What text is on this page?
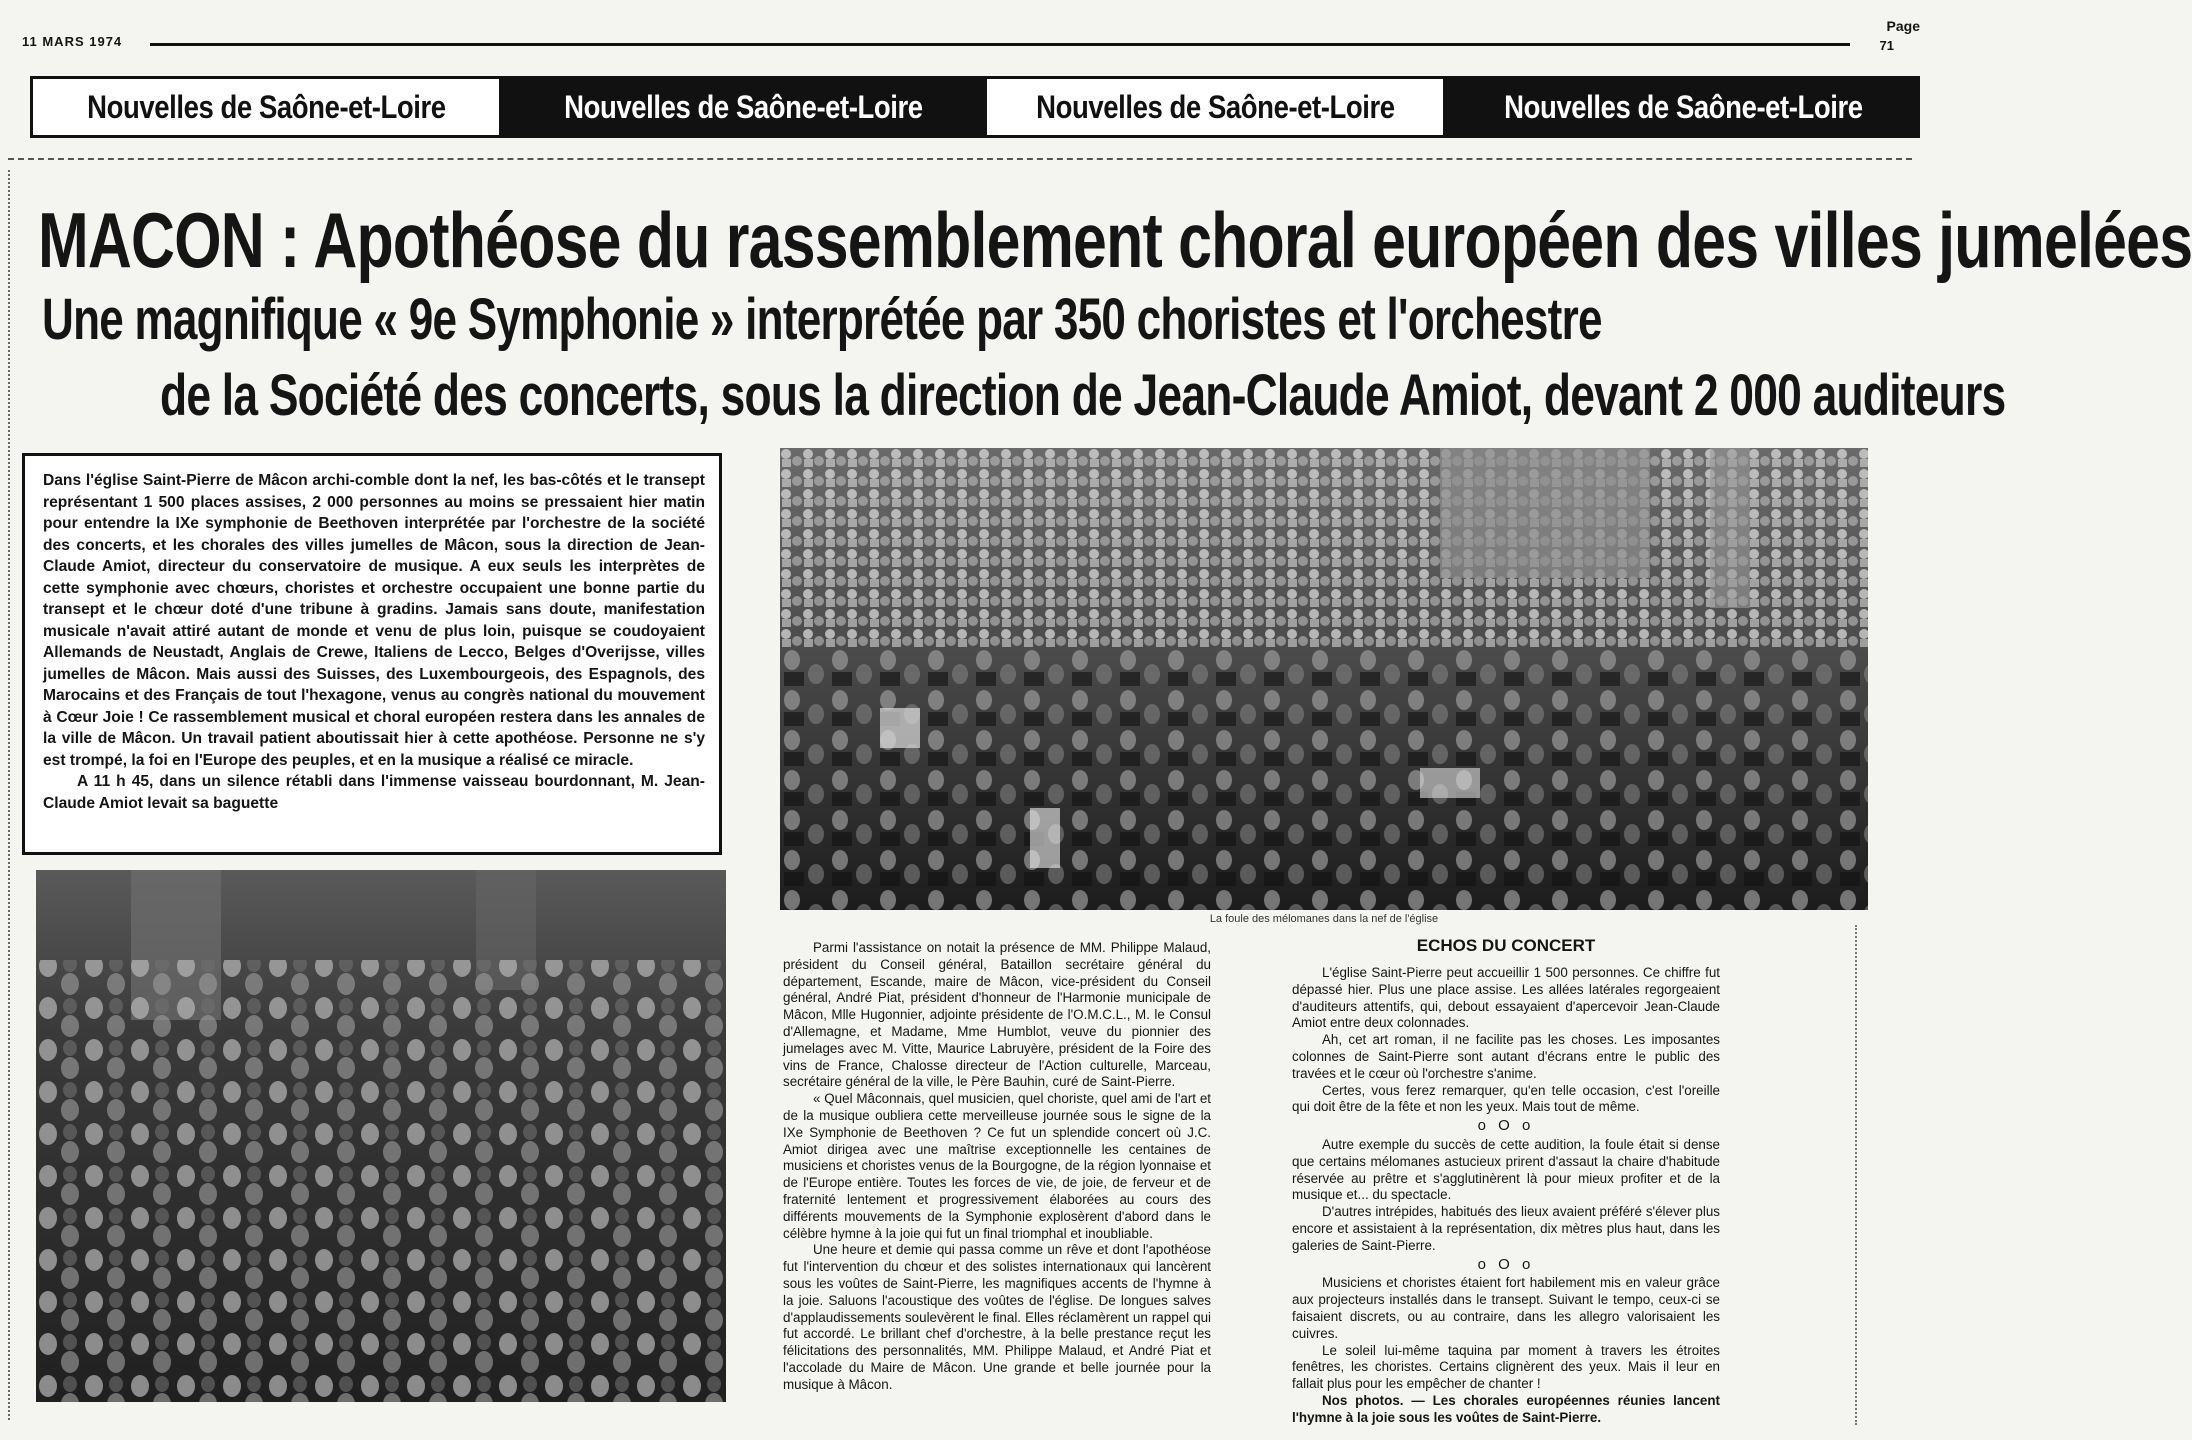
11 MARS 1974
Page
71
Nouvelles de Saône-et-Loire	Nouvelles de Saône-et-Loire	Nouvelles de Saône-et-Loire	Nouvelles de Saône-et-Loire
MACON : Apothéose du rassemblement choral européen des villes jumelées
Une magnifique « 9e Symphonie » interprétée par 350 choristes et l'orchestre
de la Société des concerts, sous la direction de Jean-Claude Amiot, devant 2 000 auditeurs

Dans l'église Saint-Pierre de Mâcon archi-comble dont la nef, les bas-côtés et le transept représentant 1 500 places assises, 2 000 personnes au moins se pressaient hier matin pour entendre la IXe symphonie de Beethoven interprétée par l'orchestre de la société des concerts, et les chorales des villes jumelles de Mâcon, sous la direction de Jean-Claude Amiot, directeur du conservatoire de musique. A eux seuls les interprètes de cette symphonie avec chœurs, choristes et orchestre occupaient une bonne partie du transept et le chœur doté d'une tribune à gradins. Jamais sans doute, manifestation musicale n'avait attiré autant de monde et venu de plus loin, puisque se coudoyaient Allemands de Neustadt, Anglais de Crewe, Italiens de Lecco, Belges d'Overijsse, villes jumelles de Mâcon. Mais aussi des Suisses, des Luxembourgeois, des Espagnols, des Marocains et des Français de tout l'hexagone, venus au congrès national du mouvement à Cœur Joie ! Ce rassemblement musical et choral européen restera dans les annales de la ville de Mâcon. Un travail patient aboutissait hier à cette apothéose. Personne ne s'y est trompé, la foi en l'Europe des peuples, et en la musique a réalisé ce miracle.

A 11 h 45, dans un silence rétabli dans l'immense vaisseau bourdonnant, M. Jean-Claude Amiot levait sa baguette

La foule des mélomanes dans la nef de l'église

Parmi l'assistance on notait la présence de MM. Philippe Malaud, président du Conseil général, Bataillon secrétaire général du département, Escande, maire de Mâcon, vice-président du Conseil général, André Piat, président d'honneur de l'Harmonie municipale de Mâcon, Mlle Hugonnier, adjointe présidente de l'O.M.C.L., M. le Consul d'Allemagne, et Madame, Mme Humblot, veuve du pionnier des jumelages avec M. Vitte, Maurice Labruyère, président de la Foire des vins de France, Chalosse directeur de l'Action culturelle, Marceau, secrétaire général de la ville, le Père Bauhin, curé de Saint-Pierre.

« Quel Mâconnais, quel musicien, quel choriste, quel ami de l'art et de la musique oubliera cette merveilleuse journée sous le signe de la IXe Symphonie de Beethoven ? Ce fut un splendide concert où J.C. Amiot dirigea avec une maîtrise exceptionnelle les centaines de musiciens et choristes venus de la Bourgogne, de la région lyonnaise et de l'Europe entière. Toutes les forces de vie, de joie, de ferveur et de fraternité lentement et progressivement élaborées au cours des différents mouvements de la Symphonie explosèrent d'abord dans le célèbre hymne à la joie qui fut un final triomphal et inoubliable.

Une heure et demie qui passa comme un rêve et dont l'apothéose fut l'intervention du chœur et des solistes internationaux qui lancèrent sous les voûtes de Saint-Pierre, les magnifiques accents de l'hymne à la joie. Saluons l'acoustique des voûtes de l'église. De longues salves d'applaudissements soulevèrent le final. Elles réclamèrent un rappel qui fut accordé. Le brillant chef d'orchestre, à la belle prestance reçut les félicitations des personnalités, MM. Philippe Malaud, et André Piat et l'accolade du Maire de Mâcon. Une grande et belle journée pour la musique à Mâcon.

ECHOS DU CONCERT

L'église Saint-Pierre peut accueillir 1 500 personnes. Ce chiffre fut dépassé hier. Plus une place assise. Les allées latérales regorgeaient d'auditeurs attentifs, qui, debout essayaient d'apercevoir Jean-Claude Amiot entre deux colonnades.

Ah, cet art roman, il ne facilite pas les choses. Les imposantes colonnes de Saint-Pierre sont autant d'écrans entre le public des travées et le cœur où l'orchestre s'anime.

Certes, vous ferez remarquer, qu'en telle occasion, c'est l'oreille qui doit être de la fête et non les yeux. Mais tout de même.

o O o

Autre exemple du succès de cette audition, la foule était si dense que certains mélomanes astucieux prirent d'assaut la chaire d'habitude réservée au prêtre et s'agglutinèrent là pour mieux profiter et de la musique et... du spectacle.

D'autres intrépides, habitués des lieux avaient préféré s'élever plus encore et assistaient à la représentation, dix mètres plus haut, dans les galeries de Saint-Pierre.

o O o

Musiciens et choristes étaient fort habilement mis en valeur grâce aux projecteurs installés dans le transept. Suivant le tempo, ceux-ci se faisaient discrets, ou au contraire, dans les allegro valorisaient les cuivres.

Le soleil lui-même taquina par moment à travers les étroites fenêtres, les choristes. Certains clignèrent des yeux. Mais il leur en fallait plus pour les empêcher de chanter !

Nos photos. — Les chorales européennes réunies lancent l'hymne à la joie sous les voûtes de Saint-Pierre.
